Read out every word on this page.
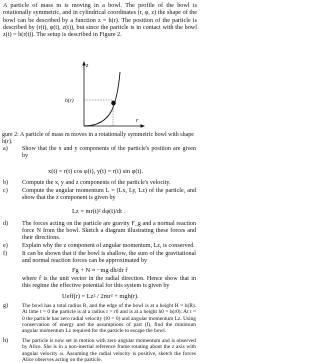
A particle of mass m is moving in a bowl. The profile of the bowl is rotationally symmetric, and in cylindrical coordinates (r, φ, z) the shape of the bowl can be described by a function z = h(r). The position of the particle is described by (r(t), φ(t), z(t)), but since the particle is in contact with the bowl z(t) = h(r(t)). The setup is described in Figure 2.
z
r
h(r)
gure 2: A particle of mass m moves in a rotationally symmetric bowl with shape h(r).
a) Show that the x and y components of the particle's position are given by
x(t) = r(t) cos φ(t), y(t) = r(t) sin φ(t).
b) Compute the x, y and z components of the particle's velocity.
c) Compute the angular momentum L = (Lx, Ly, Lz) of the particle, and show that the z component is given by
Lz = mr(t)² dφ(t)/dt .
d) The forces acting on the particle are gravity F_g and a normal reaction force N from the bowl. Sketch a diagram illustrating these forces and their directions.
e) Explain why the z component of angular momentum, Lz, is conserved.
f) It can be shown that if the bowl is shallow, the sum of the gravitational and normal reaction forces can be approximated by
Fg + N ≈ −mg dh/dr r̂
where r̂ is the unit vector in the radial direction. Hence show that in this regime the effective potential for this system is given by
Ueff(r) = Lz² / 2mr² + mgh(r).
g)
h)
The bowl has a total radius R, and the edge of the bowl is at a height H = h(R). At time t = 0 the particle is at a radius r = r0 and is at a height h0 = h(r0). At t = 0 the particle has zero radial velocity (ṙ0 = 0) and angular momentum Lz. Using conservation of energy and the assumptions of part (f), find the minimum angular momentum Lz required for the particle to escape the bowl.
The particle is now set in motion with zero angular momentum and is observed by Alice. She is in a non-inertial reference frame rotating about the z axis with angular velocity ω. Assuming the radial velocity is positive, sketch the forces Alice observes acting on the particle.
